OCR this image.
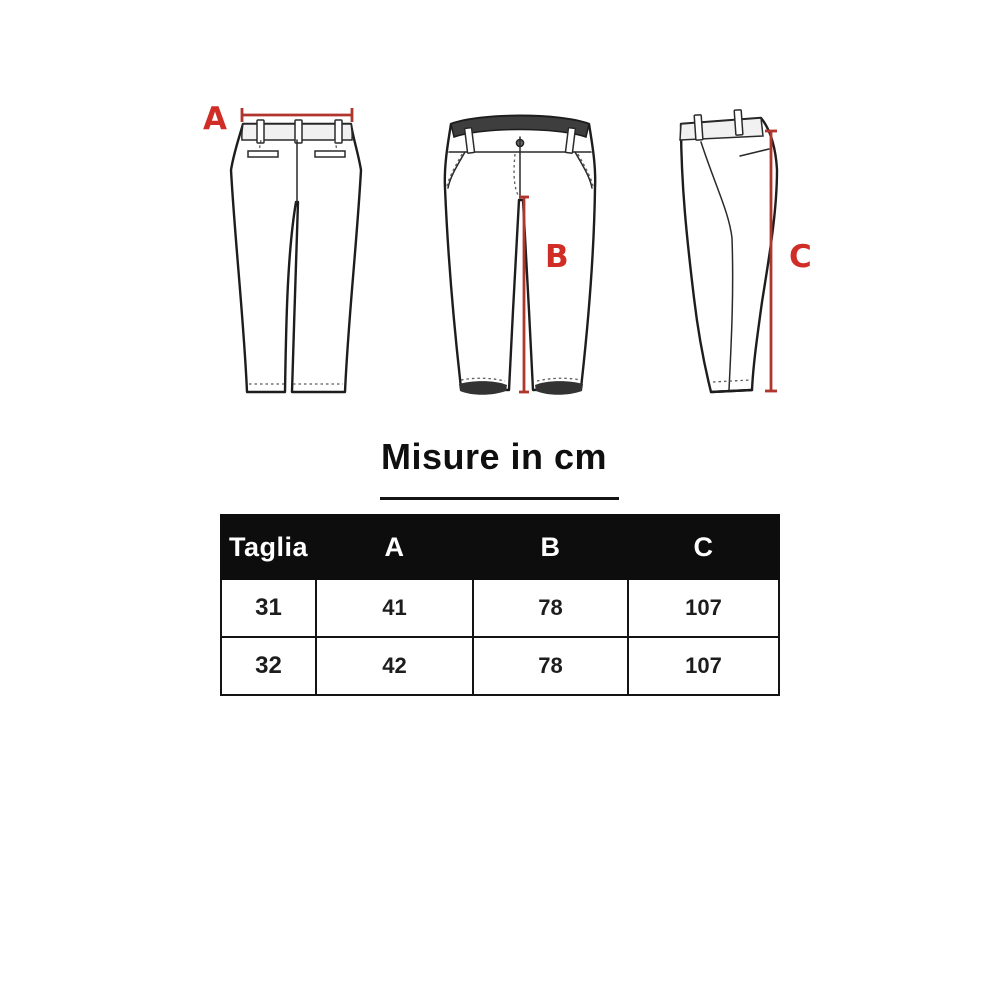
A
B	C
Misure in cm
Taglia	A	B	C
31	41	78	107
32	42	78	107
